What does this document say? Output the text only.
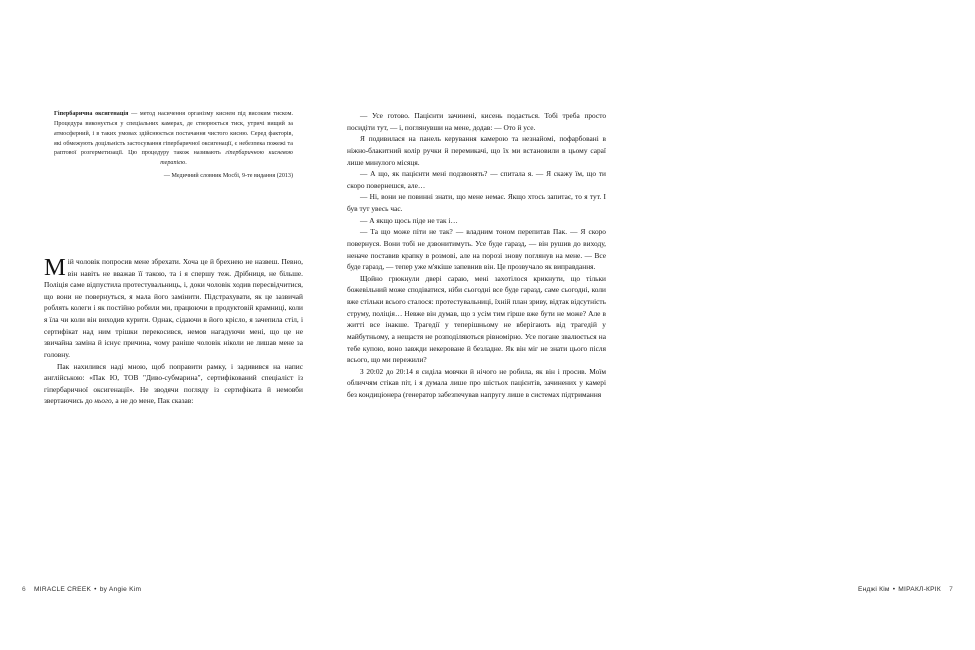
Гіпербарична оксигенація — метод насичення організму киснем під високим тиском. Процедура виконується у спеціальних камерах, де створюється тиск, утричі вищий за атмосферний, і в таких умовах здійснюється постачання чистого кисню. Серед факторів, які обмежують доцільність застосування гіпербаричної оксигенації, є небезпека пожежі та раптової розгерметизації. Цю процедуру також називають гіпербаричною кисневою терапією.
— Медичний словник Мосбі, 9-те видання (2013)

Мій чоловік попросив мене збрехати. Хоча це й брехнею не назвеш. Певно, він навіть не вважав її такою, та і я спершу теж. Дрібниця, не більше. Поліція саме відпустила протестувальниць, і, доки чоловік ходив пересвідчитися, що вони не повернуться, я мала його замінити. Підстрахувати, як це зазвичай роблять колеги і як постійно робили ми, працюючи в продуктовій крамниці, коли я їла чи коли він виходив курити. Однак, сідаючи в його крісло, я зачепила стіл, і сертифікат над ним трішки перекосився, немов нагадуючи мені, що це не звичайна заміна й існує причина, чому раніше чоловік ніколи не лишав мене за головну.

Пак нахилився наді мною, щоб поправити рамку, і задивився на напис англійською: «Пак Ю, ТОВ "Диво-субмарина", сертифікований спеціаліст із гіпербаричної оксигенації». Не зводячи погляду із сертифіката й немовби звертаючись до нього, а не до мене, Пак сказав:

6
MIRACLE CREEK • by Angie Kim

— Усе готово. Пацієнти зачинені, кисень подається. Тобі треба просто посидіти тут, — і, поглянувши на мене, додав: — Ото й усе.

Я подивилася на панель керування камерою та незнайомі, пофарбовані в ніжно-блакитний колір ручки й перемикачі, що їх ми встановили в цьому сараї лише минулого місяця.

— А що, як пацієнти мені подзвонять? — спитала я. — Я скажу їм, що ти скоро повернешся, але…

— Ні, вони не повинні знати, що мене немає. Якщо хтось запитає, то я тут. І був тут увесь час.

— А якщо щось піде не так і…

— Та що може піти не так? — владним тоном перепитав Пак. — Я скоро повернуся. Вони тобі не дзвонитимуть. Усе буде гаразд, — він рушив до виходу, неначе поставив крапку в розмові, але на порозі знову поглянув на мене. — Все буде гаразд, — тепер уже м'якіше запевнив він. Це прозвучало як виправдання.

Щойно грюкнули двері сараю, мені захотілося крикнути, що тільки божевільний може сподіватися, ніби сьогодні все буде гаразд, саме сьогодні, коли вже стільки всього сталося: протестувальниці, їхній план зриву, відтак відсутність струму, поліція… Невже він думав, що з усім тим гірше вже бути не може? Але в житті все інакше. Трагедії у теперішньому не вберігають від трагедій у майбутньому, а нещастя не розподіляються рівномірно. Усе погане звалюється на тебе купою, воно завжди некероване й безладне. Як він міг не знати цього після всього, що ми пережили?

З 20:02 до 20:14 я сиділа мовчки й нічого не робила, як він і просив. Моїм обличчям стікав піт, і я думала лише про шістьох пацієнтів, зачинених у камері без кондиціонера (генератор забезпечував напругу лише в системах підтримання

Енджі Кім • МІРАКЛ-КРІК
7
